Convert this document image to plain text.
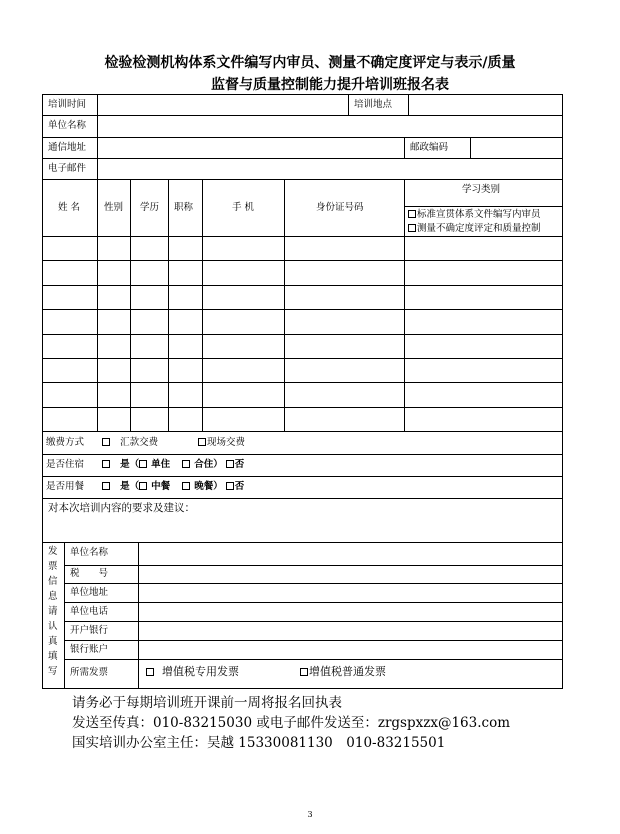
检验检测机构体系文件编写内审员、测量不确定度评定与表示/质量
监督与质量控制能力提升培训班报名表
培训时间	培训地点
单位名称
通信地址	邮政编码
电子邮件
姓 名	性别 学历 职称	手 机	身份证号码
学习类别
标准宣贯体系文件编写内审员
测量不确定度评定和质量控制
缴费方式	汇款交费	现场交费
是否住宿	是（ 单住	合住） 否
是否用餐	是（ 中餐	晚餐） 否
对本次培训内容的要求及建议：
发
票
信
息
请
认
真
填
写
单位名称
税　　号
单位地址
单位电话
开户银行
银行账户
所需发票	增值税专用发票	增值税普通发票
请务必于每期培训班开课前一周将报名回执表
发送至传真：010-83215030 或电子邮件发送至：zrgspxzx@163.com
国实培训办公室主任：吴越 15330081130　010-83215501
3
